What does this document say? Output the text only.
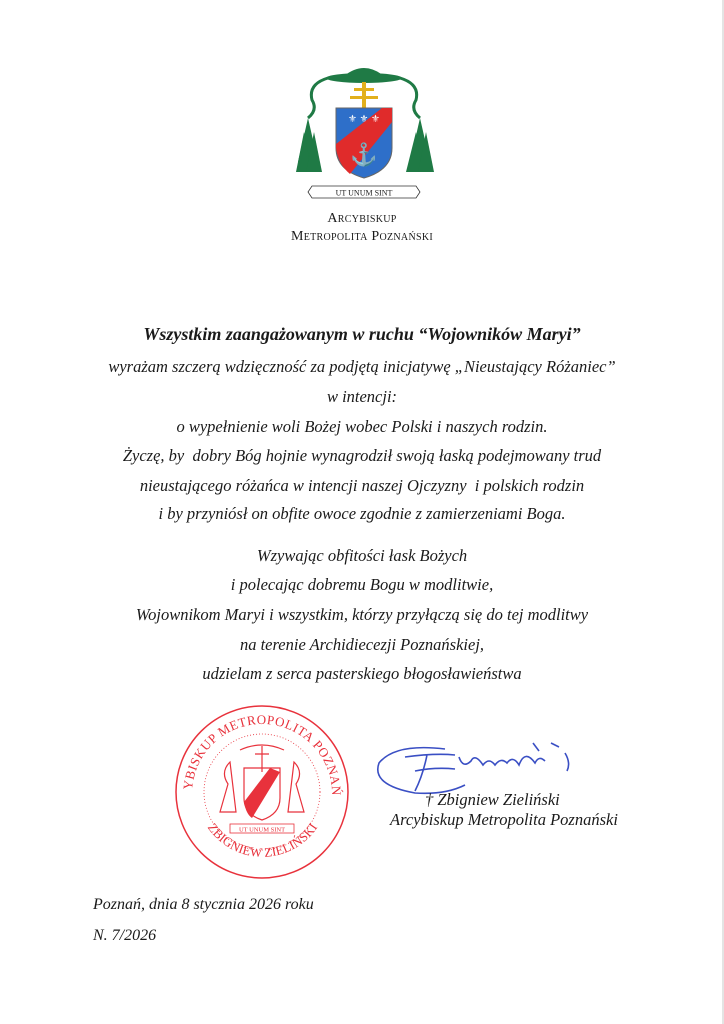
⚜ ⚜ ⚜
⚓
UT UNUM SINT
Arcybiskup
Metropolita Poznański
Wszystkim zaangażowanym w ruchu “Wojowników Maryi”
wyrażam szczerą wdzięczność za podjętą inicjatywę „Nieustający Różaniec”
w intencji:
o wypełnienie woli Bożej wobec Polski i naszych rodzin.
Życzę, by  dobry Bóg hojnie wynagrodził swoją łaską podejmowany trud
nieustającego różańca w intencji naszej Ojczyzny  i polskich rodzin
i by przyniósł on obfite owoce zgodnie z zamierzeniami Boga.
Wzywając obfitości łask Bożych
i polecając dobremu Bogu w modlitwie,
Wojownikom Maryi i wszystkim, którzy przyłączą się do tej modlitwy
na terenie Archidiecezji Poznańskiej,
udzielam z serca pasterskiego błogosławieństwa
YBISKUP METROPOLITA POZNAŃ
ZBIGNIEW ZIELIŃSKI
UT UNUM SINT
† Zbigniew Zieliński
Arcybiskup Metropolita Poznański
Poznań, dnia 8 stycznia 2026 roku
N. 7/2026
